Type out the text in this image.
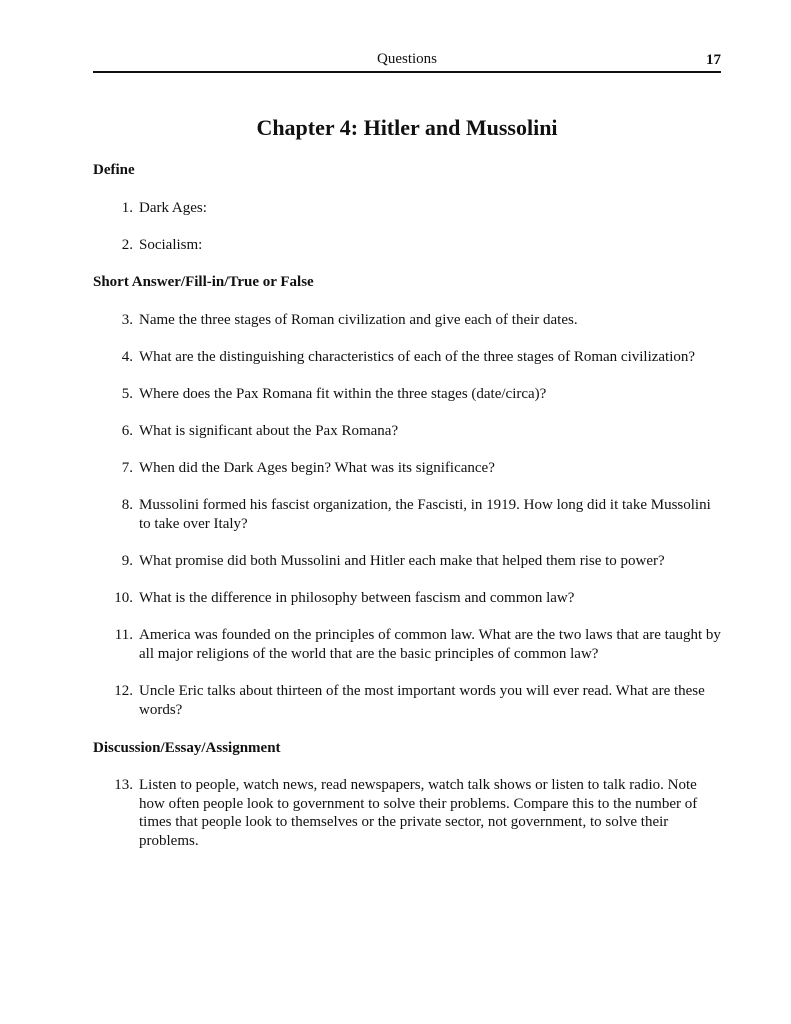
Questions	17
Chapter 4: Hitler and Mussolini
Define
1. Dark Ages:
2. Socialism:
Short Answer/Fill-in/True or False
3. Name the three stages of Roman civilization and give each of their dates.
4. What are the distinguishing characteristics of each of the three stages of Roman civilization?
5. Where does the Pax Romana fit within the three stages (date/circa)?
6. What is significant about the Pax Romana?
7. When did the Dark Ages begin? What was its significance?
8. Mussolini formed his fascist organization, the Fascisti, in 1919. How long did it take Mussolini to take over Italy?
9. What promise did both Mussolini and Hitler each make that helped them rise to power?
10. What is the difference in philosophy between fascism and common law?
11. America was founded on the principles of common law. What are the two laws that are taught by all major religions of the world that are the basic principles of common law?
12. Uncle Eric talks about thirteen of the most important words you will ever read. What are these words?
Discussion/Essay/Assignment
13. Listen to people, watch news, read newspapers, watch talk shows or listen to talk radio. Note how often people look to government to solve their problems. Compare this to the number of times that people look to themselves or the private sector, not government, to solve their problems.
